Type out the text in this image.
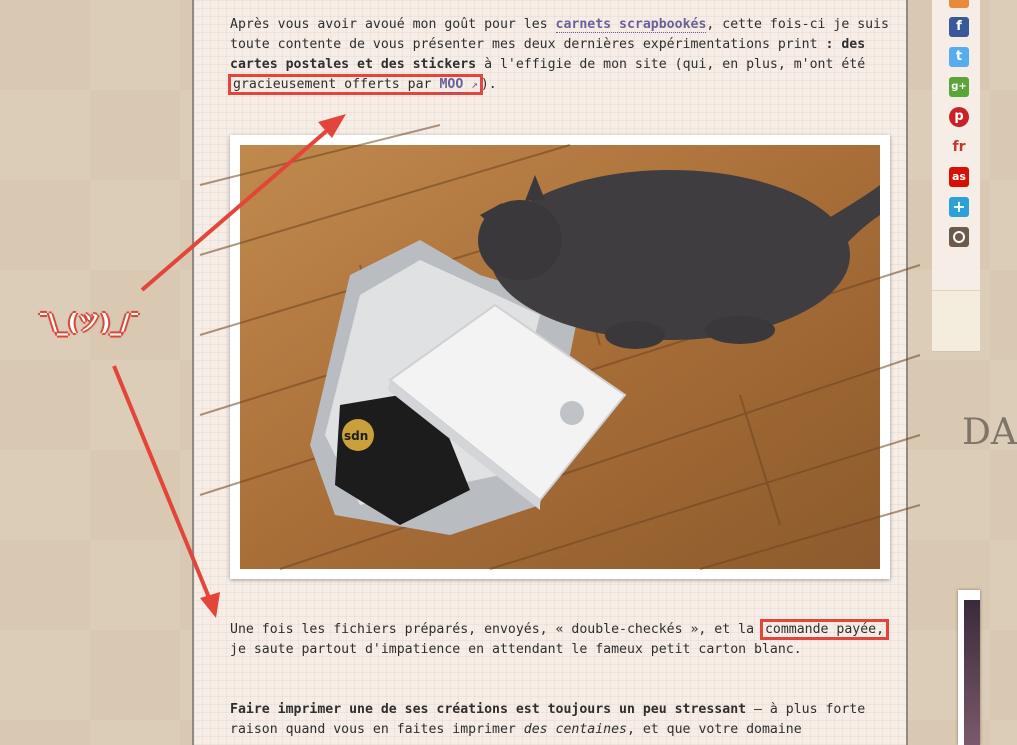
Après vous avoir avoué mon goût pour les carnets scrapbookés, cette fois-ci je suis toute contente de vous présenter mes deux dernières expérimentations print : des cartes postales et des stickers à l'effigie de mon site (qui, en plus, m'ont été gracieusement offerts par MOO ↗ ).

sdn

Une fois les fichiers préparés, envoyés, « double-checkés », et la commande payée, je saute partout d'impatience en attendant le fameux petit carton blanc.

Faire imprimer une de ses créations est toujours un peu stressant — à plus forte raison quand vous en faites imprimer des centaines, et que votre domaine

f
t
g+
p
fr
as
+
DA
¯\_(ツ)_/¯
